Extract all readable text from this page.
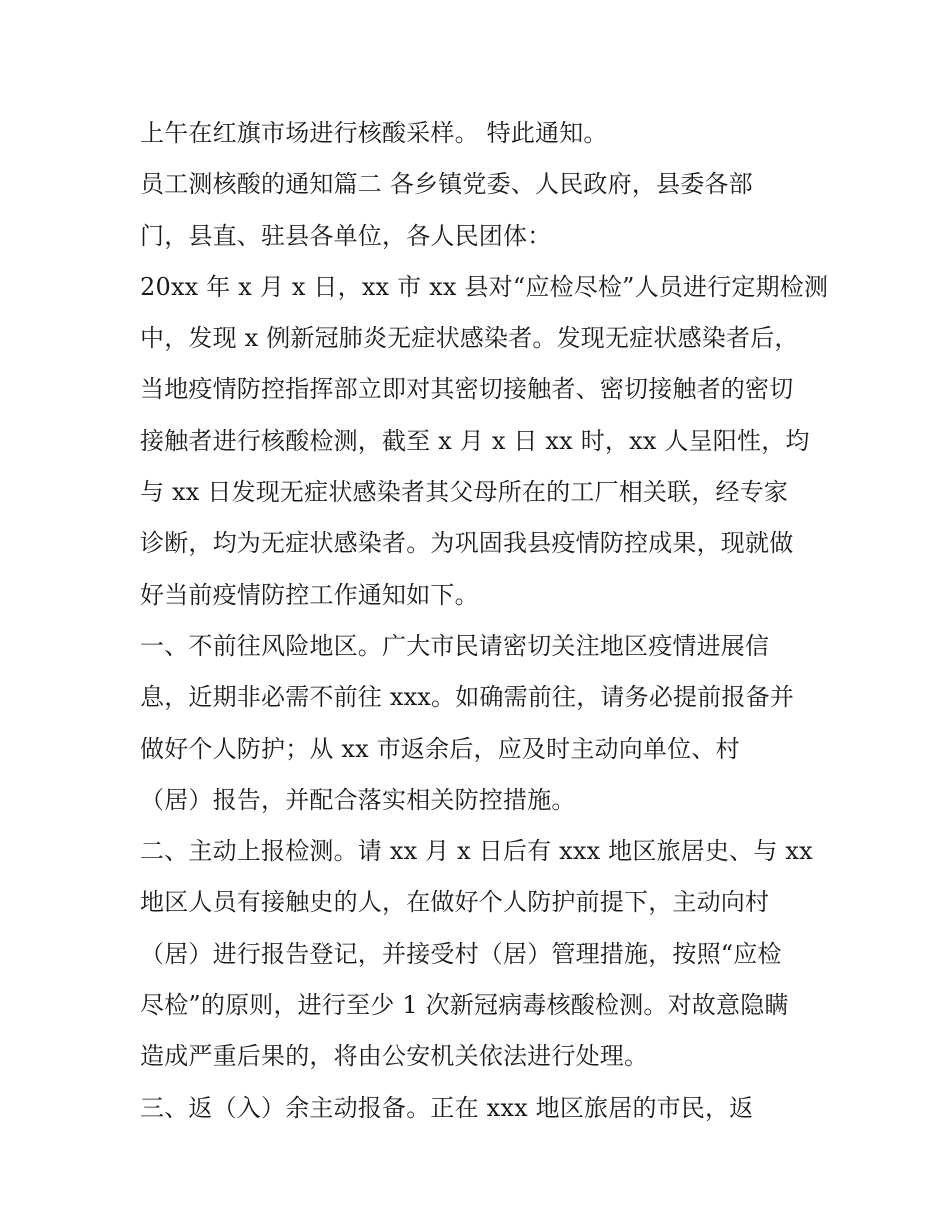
上午在红旗市场进行核酸采样。 特此通知。
员工测核酸的通知篇二 各乡镇党委、人民政府，县委各部
门，县直、驻县各单位，各人民团体：
20xx 年 x 月 x 日，xx 市 xx 县对“应检尽检”人员进行定期检测
中，发现 x 例新冠肺炎无症状感染者。发现无症状感染者后，
当地疫情防控指挥部立即对其密切接触者、密切接触者的密切
接触者进行核酸检测，截至 x 月 x 日 xx 时，xx 人呈阳性，均
与 xx 日发现无症状感染者其父母所在的工厂相关联，经专家
诊断，均为无症状感染者。为巩固我县疫情防控成果，现就做
好当前疫情防控工作通知如下。
一、不前往风险地区。广大市民请密切关注地区疫情进展信
息，近期非必需不前往 xxx。如确需前往，请务必提前报备并
做好个人防护；从 xx 市返余后，应及时主动向单位、村
（居）报告，并配合落实相关防控措施。
二、主动上报检测。请 xx 月 x 日后有 xxx 地区旅居史、与 xx
地区人员有接触史的人，在做好个人防护前提下，主动向村
（居）进行报告登记，并接受村（居）管理措施，按照“应检
尽检”的原则，进行至少 1 次新冠病毒核酸检测。对故意隐瞒
造成严重后果的，将由公安机关依法进行处理。
三、返（入）余主动报备。正在 xxx 地区旅居的市民，返
